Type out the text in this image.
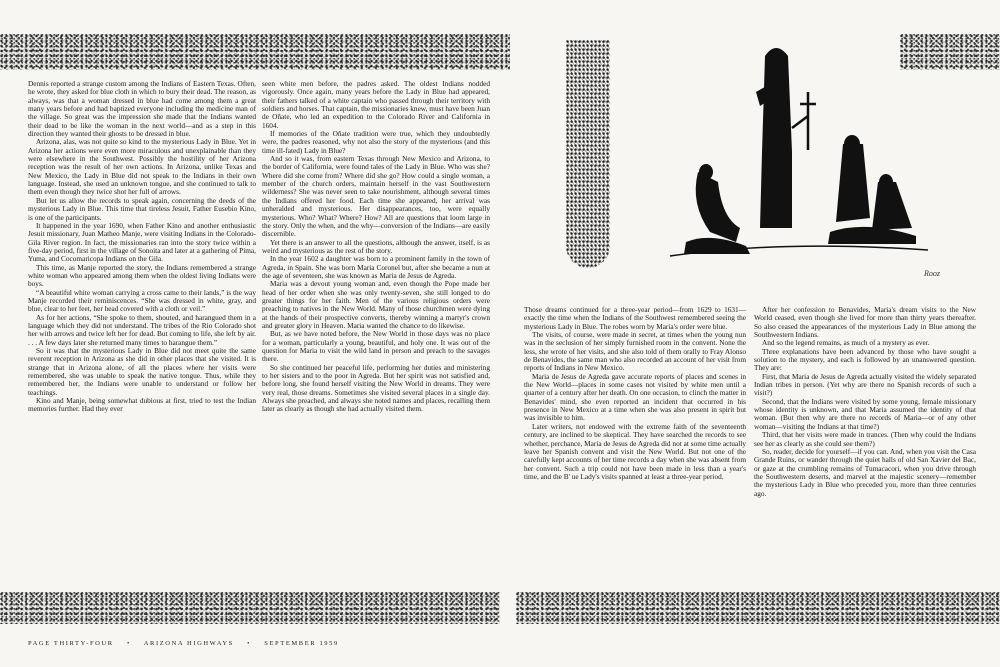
Rooz

Dennis reported a strange custom among the Indians of Eastern Texas. Often, he wrote, they asked for blue cloth in which to bury their dead. The reason, as always, was that a woman dressed in blue had come among them a great many years before and had baptized everyone including the medicine man of the village. So great was the impression she made that the Indians wanted their dead to be like the woman in the next world—and as a step in this direction they wanted their ghosts to be dressed in blue.

Arizona, alas, was not quite so kind to the mysterious Lady in Blue. Yet in Arizona her actions were even more miraculous and unexplainable than they were elsewhere in the Southwest. Possibly the hostility of her Arizona reception was the result of her own actions. In Arizona, unlike Texas and New Mexico, the Lady in Blue did not speak to the Indians in their own language. Instead, she used an unknown tongue, and she continued to talk to them even though they twice shot her full of arrows.

But let us allow the records to speak again, concerning the deeds of the mysterious Lady in Blue. This time that tireless Jesuit, Father Eusebio Kino, is one of the participants.

It happened in the year 1690, when Father Kino and another enthusiastic Jesuit missionary, Juan Matheo Manje, were visiting Indians in the Colorado-Gila River region. In fact, the missionaries ran into the story twice within a five-day period, first in the village of Sonoita and later at a gathering of Pima, Yuma, and Cocomaricopa Indians on the Gila.

This time, as Manje reported the story, the Indians remembered a strange white woman who appeared among them when the oldest living Indians were boys.

“A beautiful white woman carrying a cross came to their lands,” is the way Manje recorded their reminiscences. “She was dressed in white, gray, and blue, clear to her feet, her head covered with a cloth or veil.”

As for her actions, “She spoke to them, shouted, and harangued them in a language which they did not understand. The tribes of the Rio Colorado shot her with arrows and twice left her for dead. But coming to life, she left by air. . . . A few days later she returned many times to harangue them.”

So it was that the mysterious Lady in Blue did not meet quite the same reverent reception in Arizona as she did in other places that she visited. It is strange that in Arizona alone, of all the places where her visits were remembered, she was unable to speak the native tongue. Thus, while they remembered her, the Indians were unable to understand or follow her teachings.

Kino and Manje, being somewhat dubious at first, tried to test the Indian memories further. Had they ever

seen white men before, the padres asked. The oldest Indians nodded vigorously. Once again, many years before the Lady in Blue had appeared, their fathers talked of a white captain who passed through their territory with soldiers and horses. That captain, the missionaries knew, must have been Juan de Oñate, who led an expedition to the Colorado River and California in 1604.

If memories of the Oñate tradition were true, which they undoubtedly were, the padres reasoned, why not also the story of the mysterious (and this time ill-fated) Lady in Blue?

And so it was, from eastern Texas through New Mexico and Arizona, to the border of California, were found tales of the Lady in Blue. Who was she? Where did she come from? Where did she go? How could a single woman, a member of the church orders, maintain herself in the vast Southwestern wilderness? She was never seen to take nourishment, although several times the Indians offered her food. Each time she appeared, her arrival was unheralded and mysterious. Her disappearances, too, were equally mysterious. Who? What? Where? How? All are questions that loom large in the story. Only the when, and the why—conversion of the Indians—are easily discernible.

Yet there is an answer to all the questions, although the answer, itself, is as weird and mysterious as the rest of the story.

In the year 1602 a daughter was born to a prominent family in the town of Agreda, in Spain. She was born Maria Coronel but, after she became a nun at the age of seventeen, she was known as Maria de Jesus de Agreda.

Maria was a devout young woman and, even though the Pope made her head of her order when she was only twenty-seven, she still longed to do greater things for her faith. Men of the various religious orders were preaching to natives in the New World. Many of those churchmen were dying at the hands of their prospective converts, thereby winning a martyr's crown and greater glory in Heaven. Maria wanted the chance to do likewise.

But, as we have noted before, the New World in those days was no place for a woman, particularly a young, beautiful, and holy one. It was out of the question for Maria to visit the wild land in person and preach to the savages there.

So she continued her peaceful life, performing her duties and ministering to her sisters and to the poor in Agreda. But her spirit was not satisfied and, before long, she found herself visiting the New World in dreams. They were very real, those dreams. Sometimes she visited several places in a single day. Always she preached, and always she noted names and places, recalling them later as clearly as though she had actually visited them.

Those dreams continued for a three-year period—from 1629 to 1631—exactly the time when the Indians of the Southwest remembered seeing the mysterious Lady in Blue. The robes worn by Maria's order were blue.

The visits, of course, were made in secret, at times when the young nun was in the seclusion of her simply furnished room in the convent. None the less, she wrote of her visits, and she also told of them orally to Fray Alonso de Benavides, the same man who also recorded an account of her visit from reports of Indians in New Mexico.

Maria de Jesus de Agreda gave accurate reports of places and scenes in the New World—places in some cases not visited by white men until a quarter of a century after her death. On one occasion, to clinch the matter in Benavides' mind, she even reported an incident that occurred in his presence in New Mexico at a time when she was also present in spirit but was invisible to him.

Later writers, not endowed with the extreme faith of the seventeenth century, are inclined to be skeptical. They have searched the records to see whether, perchance, Maria de Jesus de Agreda did not at some time actually leave her Spanish convent and visit the New World. But not one of the carefully kept accounts of her time records a day when she was absent from her convent. Such a trip could not have been made in less than a year's time, and the B' ue Lady's visits spanned at least a three-year period.

After her confession to Benavides, Maria's dream visits to the New World ceased, even though she lived for more than thirty years thereafter. So also ceased the appearances of the mysterious Lady in Blue among the Southwestern Indians.

And so the legend remains, as much of a mystery as ever.

Three explanations have been advanced by those who have sought a solution to the mystery, and each is followed by an unanswered question. They are:

First, that Maria de Jesus de Agreda actually visited the widely separated Indian tribes in person. (Yet why are there no Spanish records of such a visit?)

Second, that the Indians were visited by some young, female missionary whose identity is unknown, and that Maria assumed the identity of that woman. (But then why are there no records of Maria—or of any other woman—visiting the Indians at that time?)

Third, that her visits were made in trances. (Then why could the Indians see her as clearly as she could see them?)

So, reader, decide for yourself—if you can. And, when you visit the Casa Grande Ruins, or wander through the quiet halls of old San Xavier del Bac, or gaze at the crumbling remains of Tumacacori, when you drive through the Southwestern deserts, and marvel at the majestic scenery—remember the mysterious Lady in Blue who preceded you, more than three centuries ago.

PAGE THIRTY-FOUR • ARIZONA HIGHWAYS • SEPTEMBER 1959
